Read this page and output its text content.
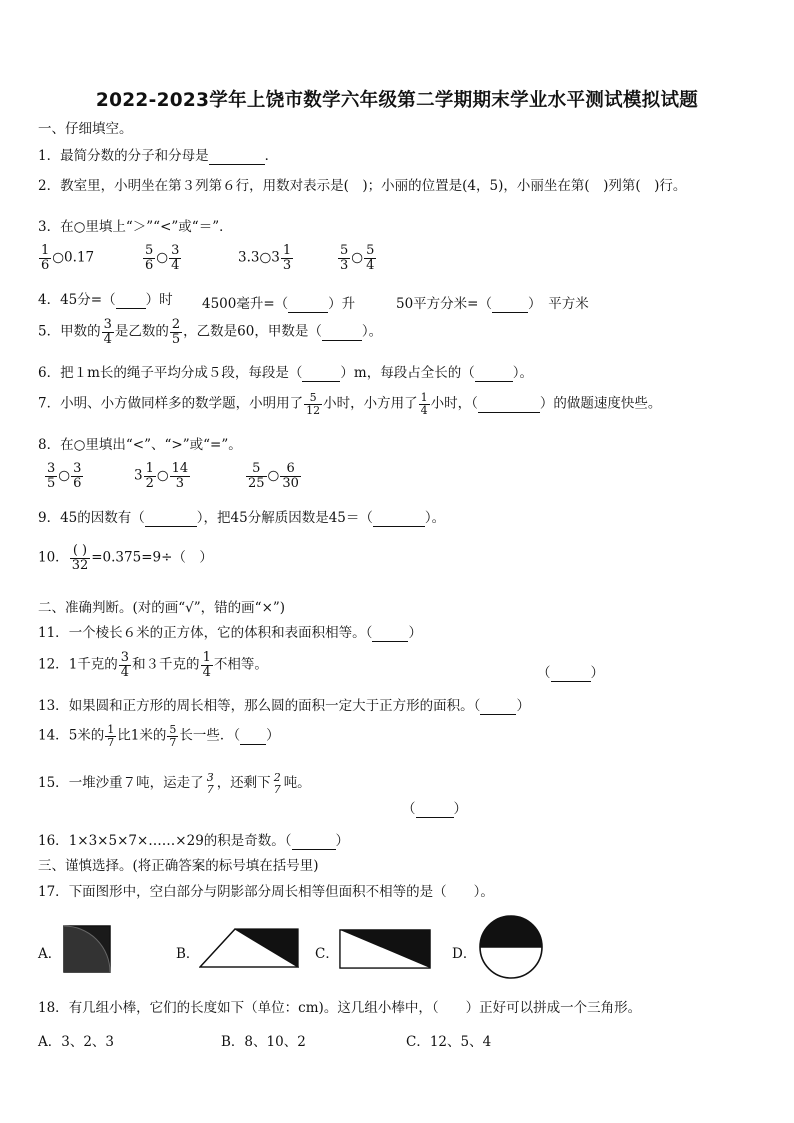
2022-2023学年上饶市数学六年级第二学期期末学业水平测试模拟试题
一、仔细填空。
1．最简分数的分子和分母是	．
2．教室里，小明坐在第３列第６行，用数对表示是(　)；小丽的位置是(4，5)，小丽坐在第(　)列第(　)行。
3．在○里填上“＞”“<”或“＝”．
$\frac{1}{6}$ ○0.17	$\frac{5}{6}$ ○ $\frac{3}{4}$	3.3○3 $\frac{1}{3}$	$\frac{5}{3}$ ○ $\frac{5}{4}$
4．45分=（ ）时 4500毫升=（	）升	50平方分米=（	）　平方米
5．甲数的 $\frac{3}{4}$ 是乙数的 $\frac{2}{5}$ ，乙数是60，甲数是（	）。
6．把１m长的绳子平均分成５段，每段是（	）m，每段占全长的（	）。
7．小明、小方做同样多的数学题，小明用了 $\frac{5}{12}$ 小时，小方用了 $\frac{1}{4}$ 小时，（	）的做题速度快些。
8．在○里填出“<”、“>”或“=”。
$\frac{3}{5}$ ○ $\frac{3}{6}$	$3 \frac{1}{2}$ ○ $\frac{14}{3}$	$\frac{5}{25}$ ○ $\frac{6}{30}$
9．45的因数有（	），把45分解质因数是45＝（	）。
10． $\frac{( )}{32} =0.375=9\div$（　）
二、准确判断。(对的画“√”，错的画“×”)
11．一个棱长６米的正方体，它的体积和表面积相等。（	）
12．1千克的 $\frac{3}{4}$ 和３千克的 $\frac{1}{4}$ 不相等。
（	）
13．如果圆和正方形的周长相等，那么圆的面积一定大于正方形的面积。（	）
14．5米的 $\frac{1}{7}$ 比1米的 $\frac{5}{7}$ 长一些．（ ）
15．一堆沙重７吨，运走了 3
7 ，还剩下 2
7 吨。
（	）
16．1×3×5×7×……×29的积是奇数。（	）
三、谨慎选择。(将正确答案的标号填在括号里)
17．下面图形中，空白部分与阴影部分周长相等但面积不相等的是（　　）。
A．	B．	C．	D．
18．有几组小棒，它们的长度如下（单位：cm)。这几组小棒中，（　　）正好可以拼成一个三角形。
A．3、2、3	B．8、10、2	C．12、5、4
